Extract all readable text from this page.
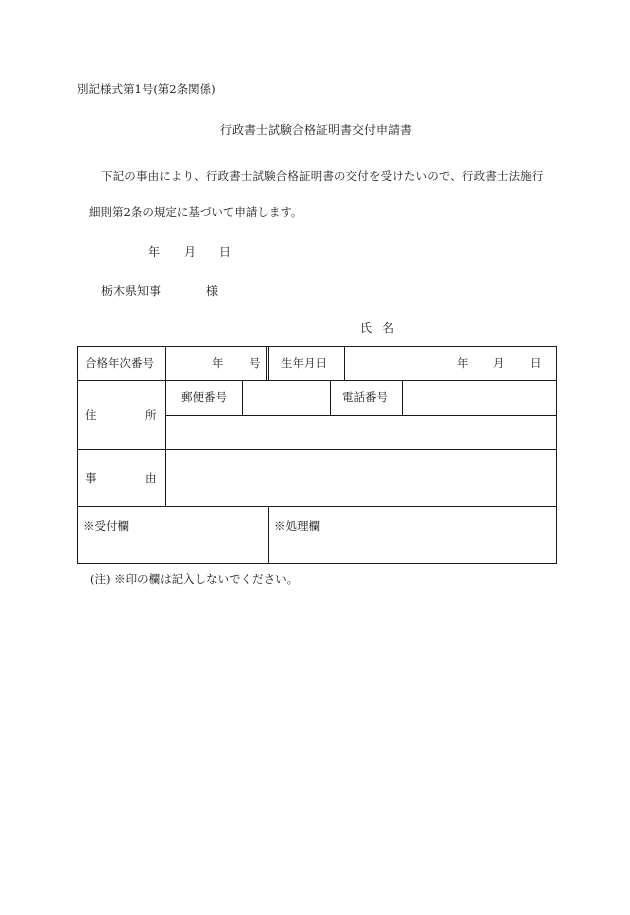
別記様式第1号(第2条関係)
行政書士試験合格証明書交付申請書
下記の事由により、行政書士試験合格証明書の交付を受けたいので、行政書士法施行
細則第2条の規定に基づいて申請します。
年 月 日
栃木県知事	様
氏名
合格年次番号	年 号			生年月日		年 月 日	

住 所	郵便番号				電話番号		

事 由							

※受付欄				※処理欄			
(注) ※印の欄は記入しないでください。
